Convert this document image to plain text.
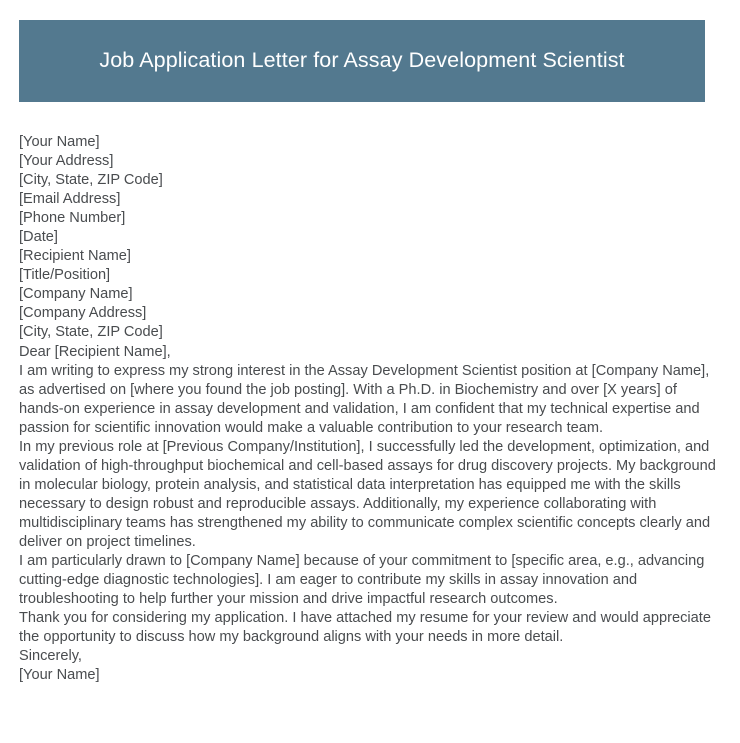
Job Application Letter for Assay Development Scientist
[Your Name]
[Your Address]
[City, State, ZIP Code]
[Email Address]
[Phone Number]
[Date]
[Recipient Name]
[Title/Position]
[Company Name]
[Company Address]
[City, State, ZIP Code]
Dear [Recipient Name],

I am writing to express my strong interest in the Assay Development Scientist position at [Company Name], as advertised on [where you found the job posting]. With a Ph.D. in Biochemistry and over [X years] of hands-on experience in assay development and validation, I am confident that my technical expertise and passion for scientific innovation would make a valuable contribution to your research team.

In my previous role at [Previous Company/Institution], I successfully led the development, optimization, and validation of high-throughput biochemical and cell-based assays for drug discovery projects. My background in molecular biology, protein analysis, and statistical data interpretation has equipped me with the skills necessary to design robust and reproducible assays. Additionally, my experience collaborating with multidisciplinary teams has strengthened my ability to communicate complex scientific concepts clearly and deliver on project timelines.

I am particularly drawn to [Company Name] because of your commitment to [specific area, e.g., advancing cutting-edge diagnostic technologies]. I am eager to contribute my skills in assay innovation and troubleshooting to help further your mission and drive impactful research outcomes.

Thank you for considering my application. I have attached my resume for your review and would appreciate the opportunity to discuss how my background aligns with your needs in more detail.

Sincerely,
[Your Name]
